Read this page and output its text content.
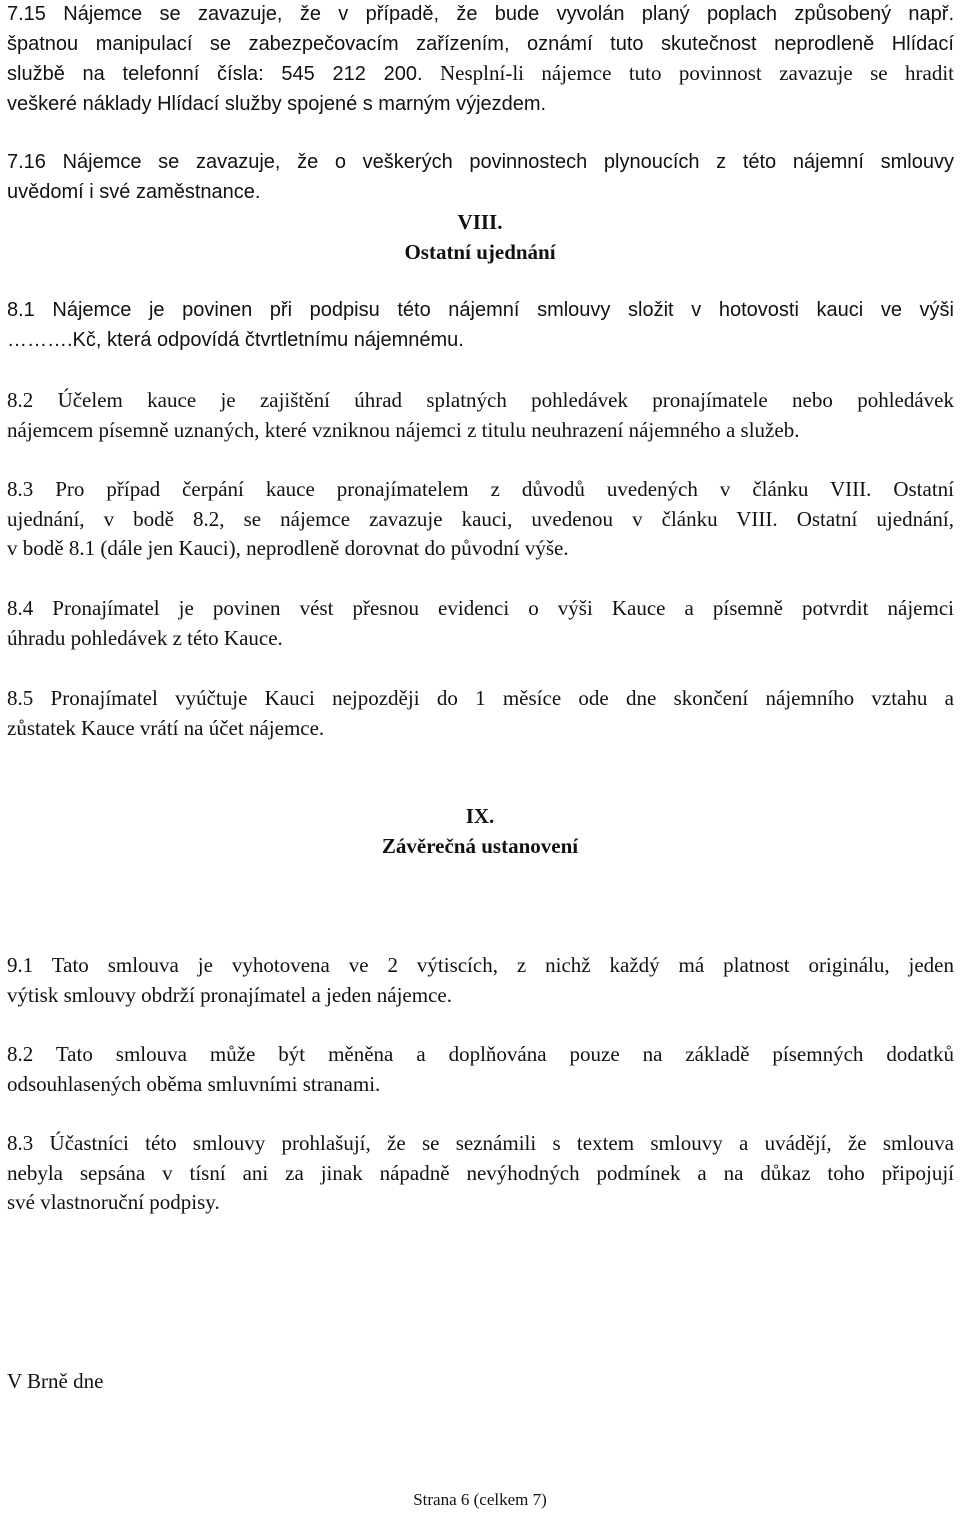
7.15 Nájemce se zavazuje, že v případě, že bude vyvolán planý poplach způsobený např.
špatnou manipulací se zabezpečovacím zařízením, oznámí tuto skutečnost neprodleně Hlídací
službě na telefonní čísla: 545 212 200. Nesplní-li nájemce tuto povinnost zavazuje se hradit
veškeré náklady Hlídací služby spojené s marným výjezdem.
7.16 Nájemce se zavazuje, že o veškerých povinnostech plynoucích z této nájemní smlouvy
uvědomí i své zaměstnance.
VIII.
Ostatní ujednání
8.1 Nájemce je povinen při podpisu této nájemní smlouvy složit v hotovosti kauci ve výši
……….Kč, která odpovídá čtvrtletnímu nájemnému.
8.2 Účelem kauce je zajištění úhrad splatných pohledávek pronajímatele nebo pohledávek
nájemcem písemně uznaných, které vzniknou nájemci z titulu neuhrazení nájemného a služeb.
8.3 Pro případ čerpání kauce pronajímatelem z důvodů uvedených v článku VIII. Ostatní
ujednání, v bodě 8.2, se nájemce zavazuje kauci, uvedenou v článku VIII. Ostatní ujednání,
v bodě 8.1 (dále jen Kauci), neprodleně dorovnat do původní výše.
8.4 Pronajímatel je povinen vést přesnou evidenci o výši Kauce a písemně potvrdit nájemci
úhradu pohledávek z této Kauce.
8.5 Pronajímatel vyúčtuje Kauci nejpozději do 1 měsíce ode dne skončení nájemního vztahu a
zůstatek Kauce vrátí na účet nájemce.
IX.
Závěrečná ustanovení
9.1 Tato smlouva je vyhotovena ve 2 výtiscích, z nichž každý má platnost originálu, jeden
výtisk smlouvy obdrží pronajímatel a jeden nájemce.
8.2 Tato smlouva může být měněna a doplňována pouze na základě písemných dodatků
odsouhlasených oběma smluvními stranami.
8.3 Účastníci této smlouvy prohlašují, že se seznámili s textem smlouvy a uvádějí, že smlouva
nebyla sepsána v tísní ani za jinak nápadně nevýhodných podmínek a na důkaz toho připojují
své vlastnoruční podpisy.
V Brně dne
Strana 6 (celkem 7)
